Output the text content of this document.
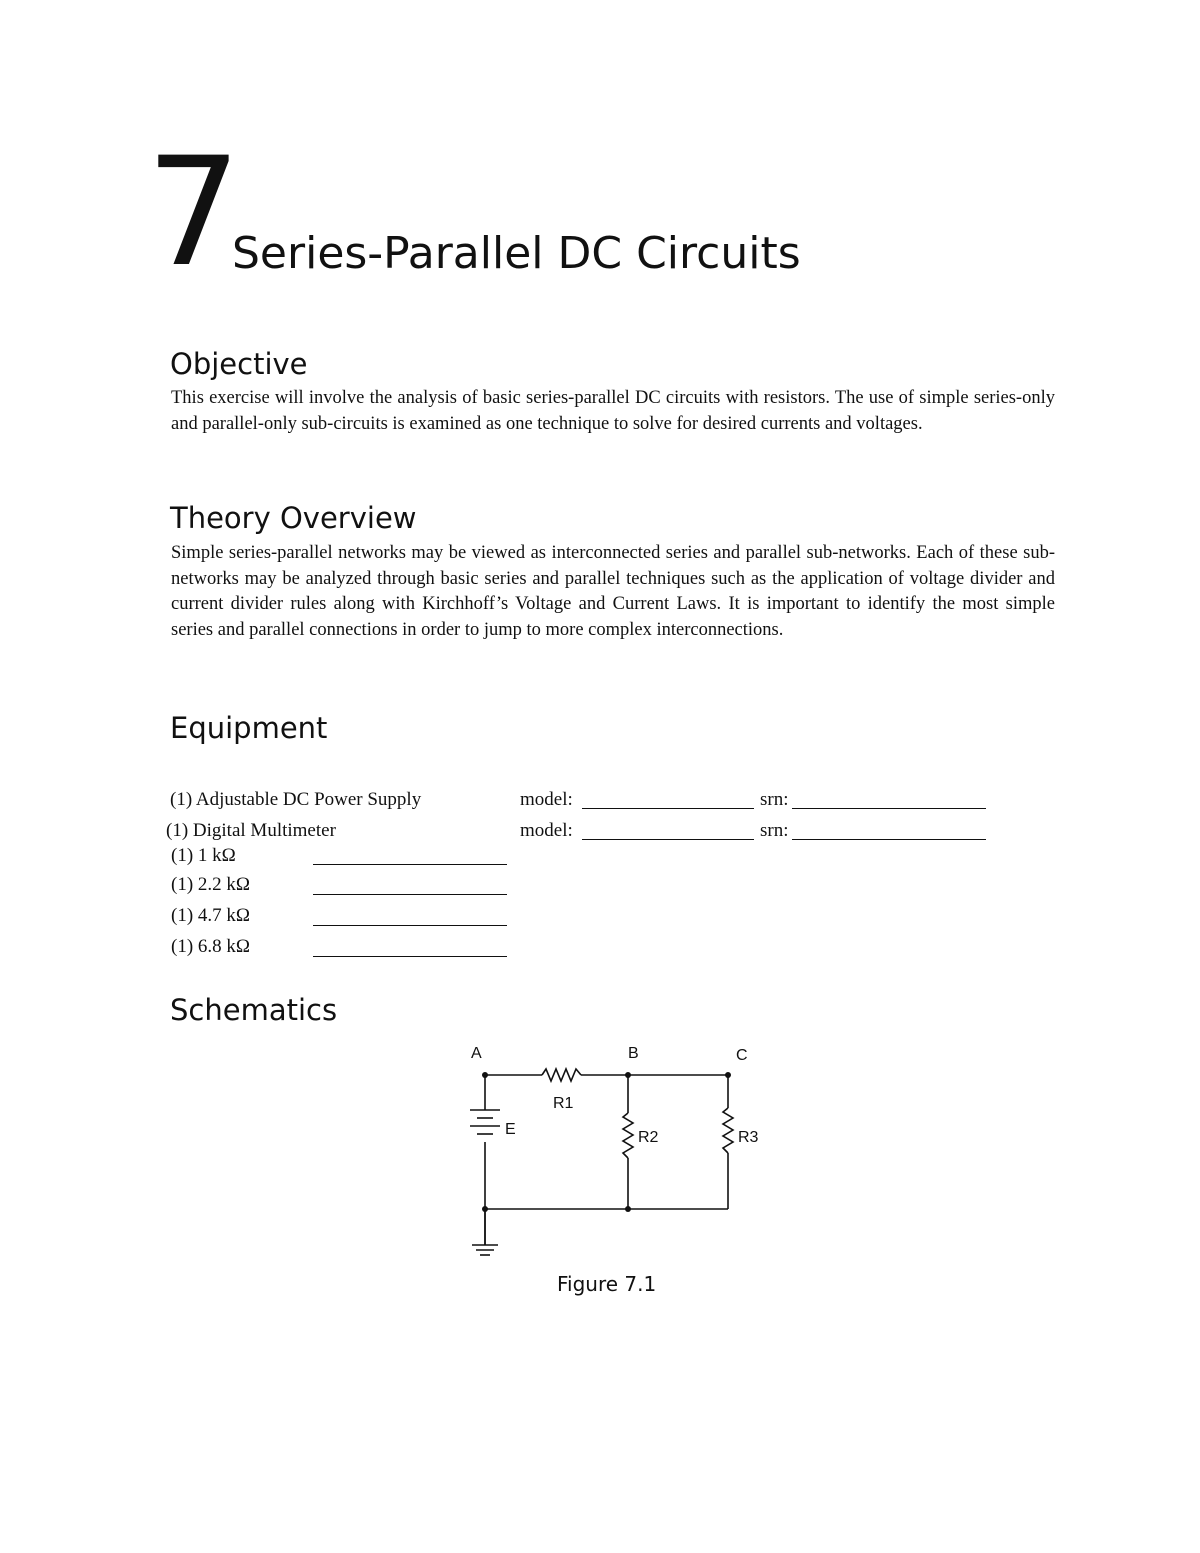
7
Series-Parallel DC Circuits
Objective
This exercise will involve the analysis of basic series-parallel DC circuits with resistors. The use of simple series-only and parallel-only sub-circuits is examined as one technique to solve for desired currents and voltages.
Theory Overview
Simple series-parallel networks may be viewed as interconnected series and parallel sub-networks. Each of these sub-networks may be analyzed through basic series and parallel techniques such as the application of voltage divider and current divider rules along with Kirchhoff’s Voltage and Current Laws. It is important to identify the most simple series and parallel connections in order to jump to more complex interconnections.
Equipment
(1) Adjustable DC Power Supply	model:	srn:
(1) Digital Multimeter	model:	srn:
(1) 1 kΩ
(1) 2.2 kΩ
(1) 4.7 kΩ
(1) 6.8 kΩ
Schematics
A	B	C
R1
R2	R3
E
Figure 7.1
